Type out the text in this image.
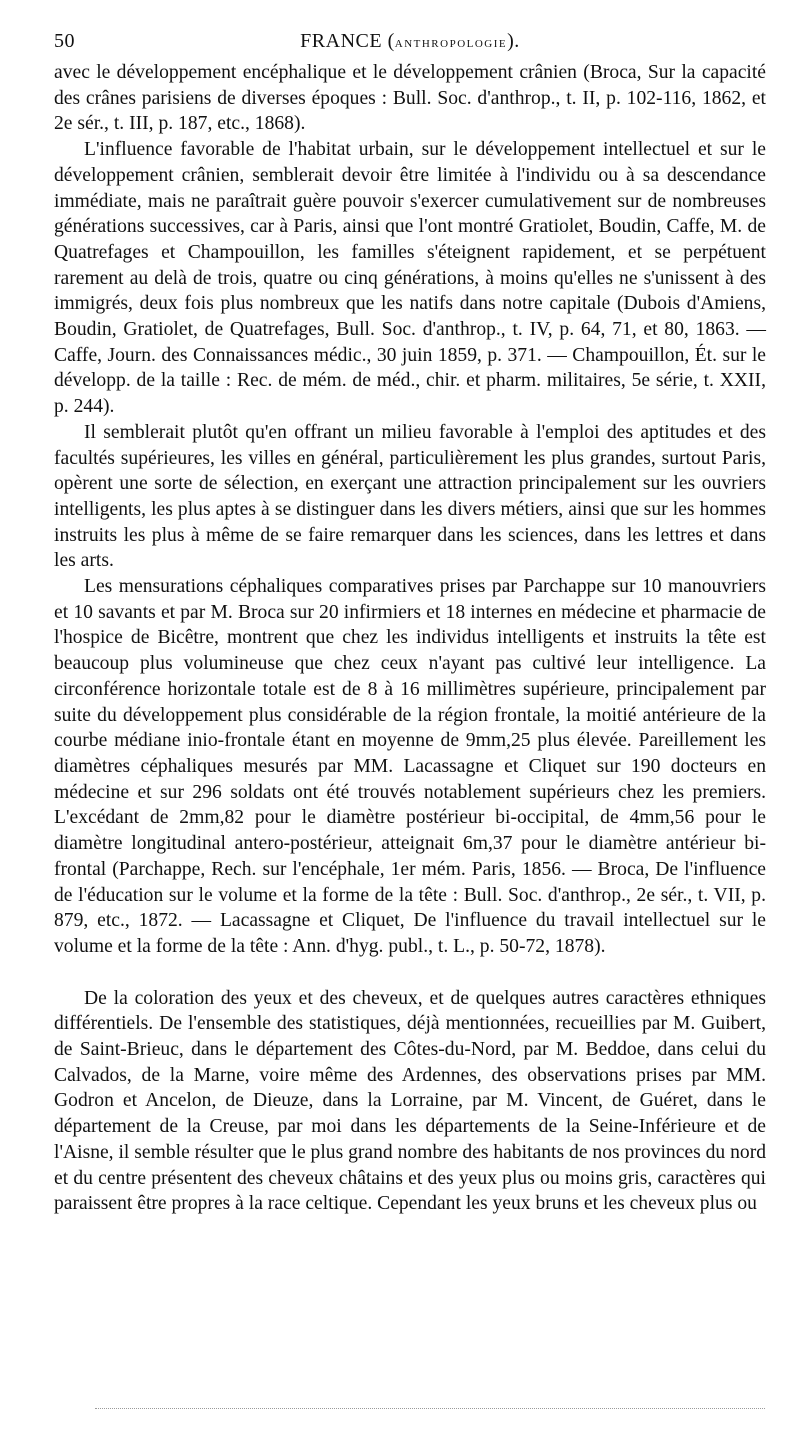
50	FRANCE (anthropologie).

avec le développement encéphalique et le développement crânien (Broca, Sur la capacité des crânes parisiens de diverses époques : Bull. Soc. d'anthrop., t. II, p. 102-116, 1862, et 2e sér., t. III, p. 187, etc., 1868).

L'influence favorable de l'habitat urbain, sur le développement intellectuel et sur le développement crânien, semblerait devoir être limitée à l'individu ou à sa descendance immédiate, mais ne paraîtrait guère pouvoir s'exercer cumulativement sur de nombreuses générations successives, car à Paris, ainsi que l'ont montré Gratiolet, Boudin, Caffe, M. de Quatrefages et Champouillon, les familles s'éteignent rapidement, et se perpétuent rarement au delà de trois, quatre ou cinq générations, à moins qu'elles ne s'unissent à des immigrés, deux fois plus nombreux que les natifs dans notre capitale (Dubois d'Amiens, Boudin, Gratiolet, de Quatrefages, Bull. Soc. d'anthrop., t. IV, p. 64, 71, et 80, 1863. — Caffe, Journ. des Connaissances médic., 30 juin 1859, p. 371. — Champouillon, Ét. sur le développ. de la taille : Rec. de mém. de méd., chir. et pharm. militaires, 5e série, t. XXII, p. 244).

Il semblerait plutôt qu'en offrant un milieu favorable à l'emploi des aptitudes et des facultés supérieures, les villes en général, particulièrement les plus grandes, surtout Paris, opèrent une sorte de sélection, en exerçant une attraction principalement sur les ouvriers intelligents, les plus aptes à se distinguer dans les divers métiers, ainsi que sur les hommes instruits les plus à même de se faire remarquer dans les sciences, dans les lettres et dans les arts.

Les mensurations céphaliques comparatives prises par Parchappe sur 10 manouvriers et 10 savants et par M. Broca sur 20 infirmiers et 18 internes en médecine et pharmacie de l'hospice de Bicêtre, montrent que chez les individus intelligents et instruits la tête est beaucoup plus volumineuse que chez ceux n'ayant pas cultivé leur intelligence. La circonférence horizontale totale est de 8 à 16 millimètres supérieure, principalement par suite du développement plus considérable de la région frontale, la moitié antérieure de la courbe médiane inio-frontale étant en moyenne de 9mm,25 plus élevée. Pareillement les diamètres céphaliques mesurés par MM. Lacassagne et Cliquet sur 190 docteurs en médecine et sur 296 soldats ont été trouvés notablement supérieurs chez les premiers. L'excédant de 2mm,82 pour le diamètre postérieur bi-occipital, de 4mm,56 pour le diamètre longitudinal antero-postérieur, atteignait 6m,37 pour le diamètre antérieur bi-frontal (Parchappe, Rech. sur l'encéphale, 1er mém. Paris, 1856. — Broca, De l'influence de l'éducation sur le volume et la forme de la tête : Bull. Soc. d'anthrop., 2e sér., t. VII, p. 879, etc., 1872. — Lacassagne et Cliquet, De l'influence du travail intellectuel sur le volume et la forme de la tête : Ann. d'hyg. publ., t. L., p. 50-72, 1878).

De la coloration des yeux et des cheveux, et de quelques autres caractères ethniques différentiels. De l'ensemble des statistiques, déjà mentionnées, recueillies par M. Guibert, de Saint-Brieuc, dans le département des Côtes-du-Nord, par M. Beddoe, dans celui du Calvados, de la Marne, voire même des Ardennes, des observations prises par MM. Godron et Ancelon, de Dieuze, dans la Lorraine, par M. Vincent, de Guéret, dans le département de la Creuse, par moi dans les départements de la Seine-Inférieure et de l'Aisne, il semble résulter que le plus grand nombre des habitants de nos provinces du nord et du centre présentent des cheveux châtains et des yeux plus ou moins gris, caractères qui paraissent être propres à la race celtique. Cependant les yeux bruns et les cheveux plus ou
